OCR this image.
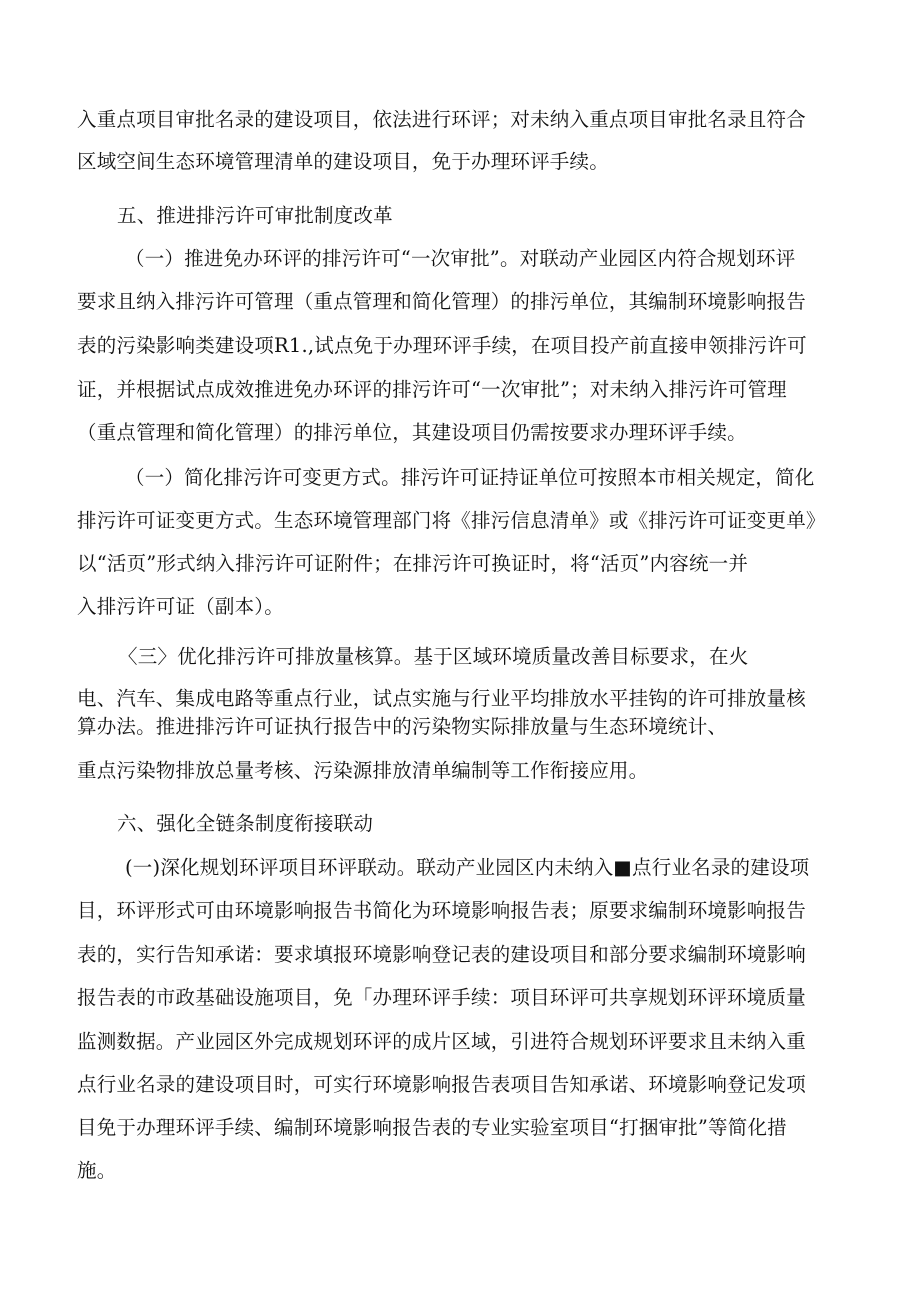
入重点项目审批名录的建设项目，依法进行环评；对未纳入重点项目审批名录且符合

区域空间生态环境管理清单的建设项目，免于办理环评手续。

五、推进排污许可审批制度改革

（一）推进免办环评的排污许可“一次审批”。对联动产业园区内符合规划环评

要求且纳入排污许可管理（重点管理和简化管理）的排污单位，其编制环境影响报告

表的污染影响类建设项R1.,试点免于办理环评手续，在项目投产前直接申领排污许可

证，并根据试点成效推进免办环评的排污许可“一次审批”；对未纳入排污许可管理

（重点管理和简化管理）的排污单位，其建设项目仍需按要求办理环评手续。

（一）简化排污许可变更方式。排污许可证持证单位可按照本市相关规定，简化

排污许可证变更方式。生态环境管理部门将《排污信息清单》或《排污许可证变更单》

以“活页”形式纳入排污许可证附件；在排污许可换证时，将“活页”内容统一并

入排污许可证（副本）。

〈三〉优化排污许可排放量核算。基于区域环境质量改善目标要求，在火

电、汽车、集成电路等重点行业，试点实施与行业平均排放水平挂钩的许可排放量核

算办法。推进排污许可证执行报告中的污染物实际排放量与生态环境统计、

重点污染物排放总量考核、污染源排放清单编制等工作衔接应用。

六、强化全链条制度衔接联动

(一)深化规划环评项目环评联动。联动产业园区内未纳入■点行业名录的建设项

目，环评形式可由环境影响报告书简化为环境影响报告表；原要求编制环境影响报告

表的，实行告知承诺：要求填报环境影响登记表的建设项目和部分要求编制环境影响

报告表的市政基础设施项目，免「办理环评手续：项目环评可共享规划环评环境质量

监测数据。产业园区外完成规划环评的成片区域，引进符合规划环评要求且未纳入重

点行业名录的建设项目时，可实行环境影响报告表项目告知承诺、环境影响登记发项

目免于办理环评手续、编制环境影响报告表的专业实验室项目“打捆审批”等简化措

施。
